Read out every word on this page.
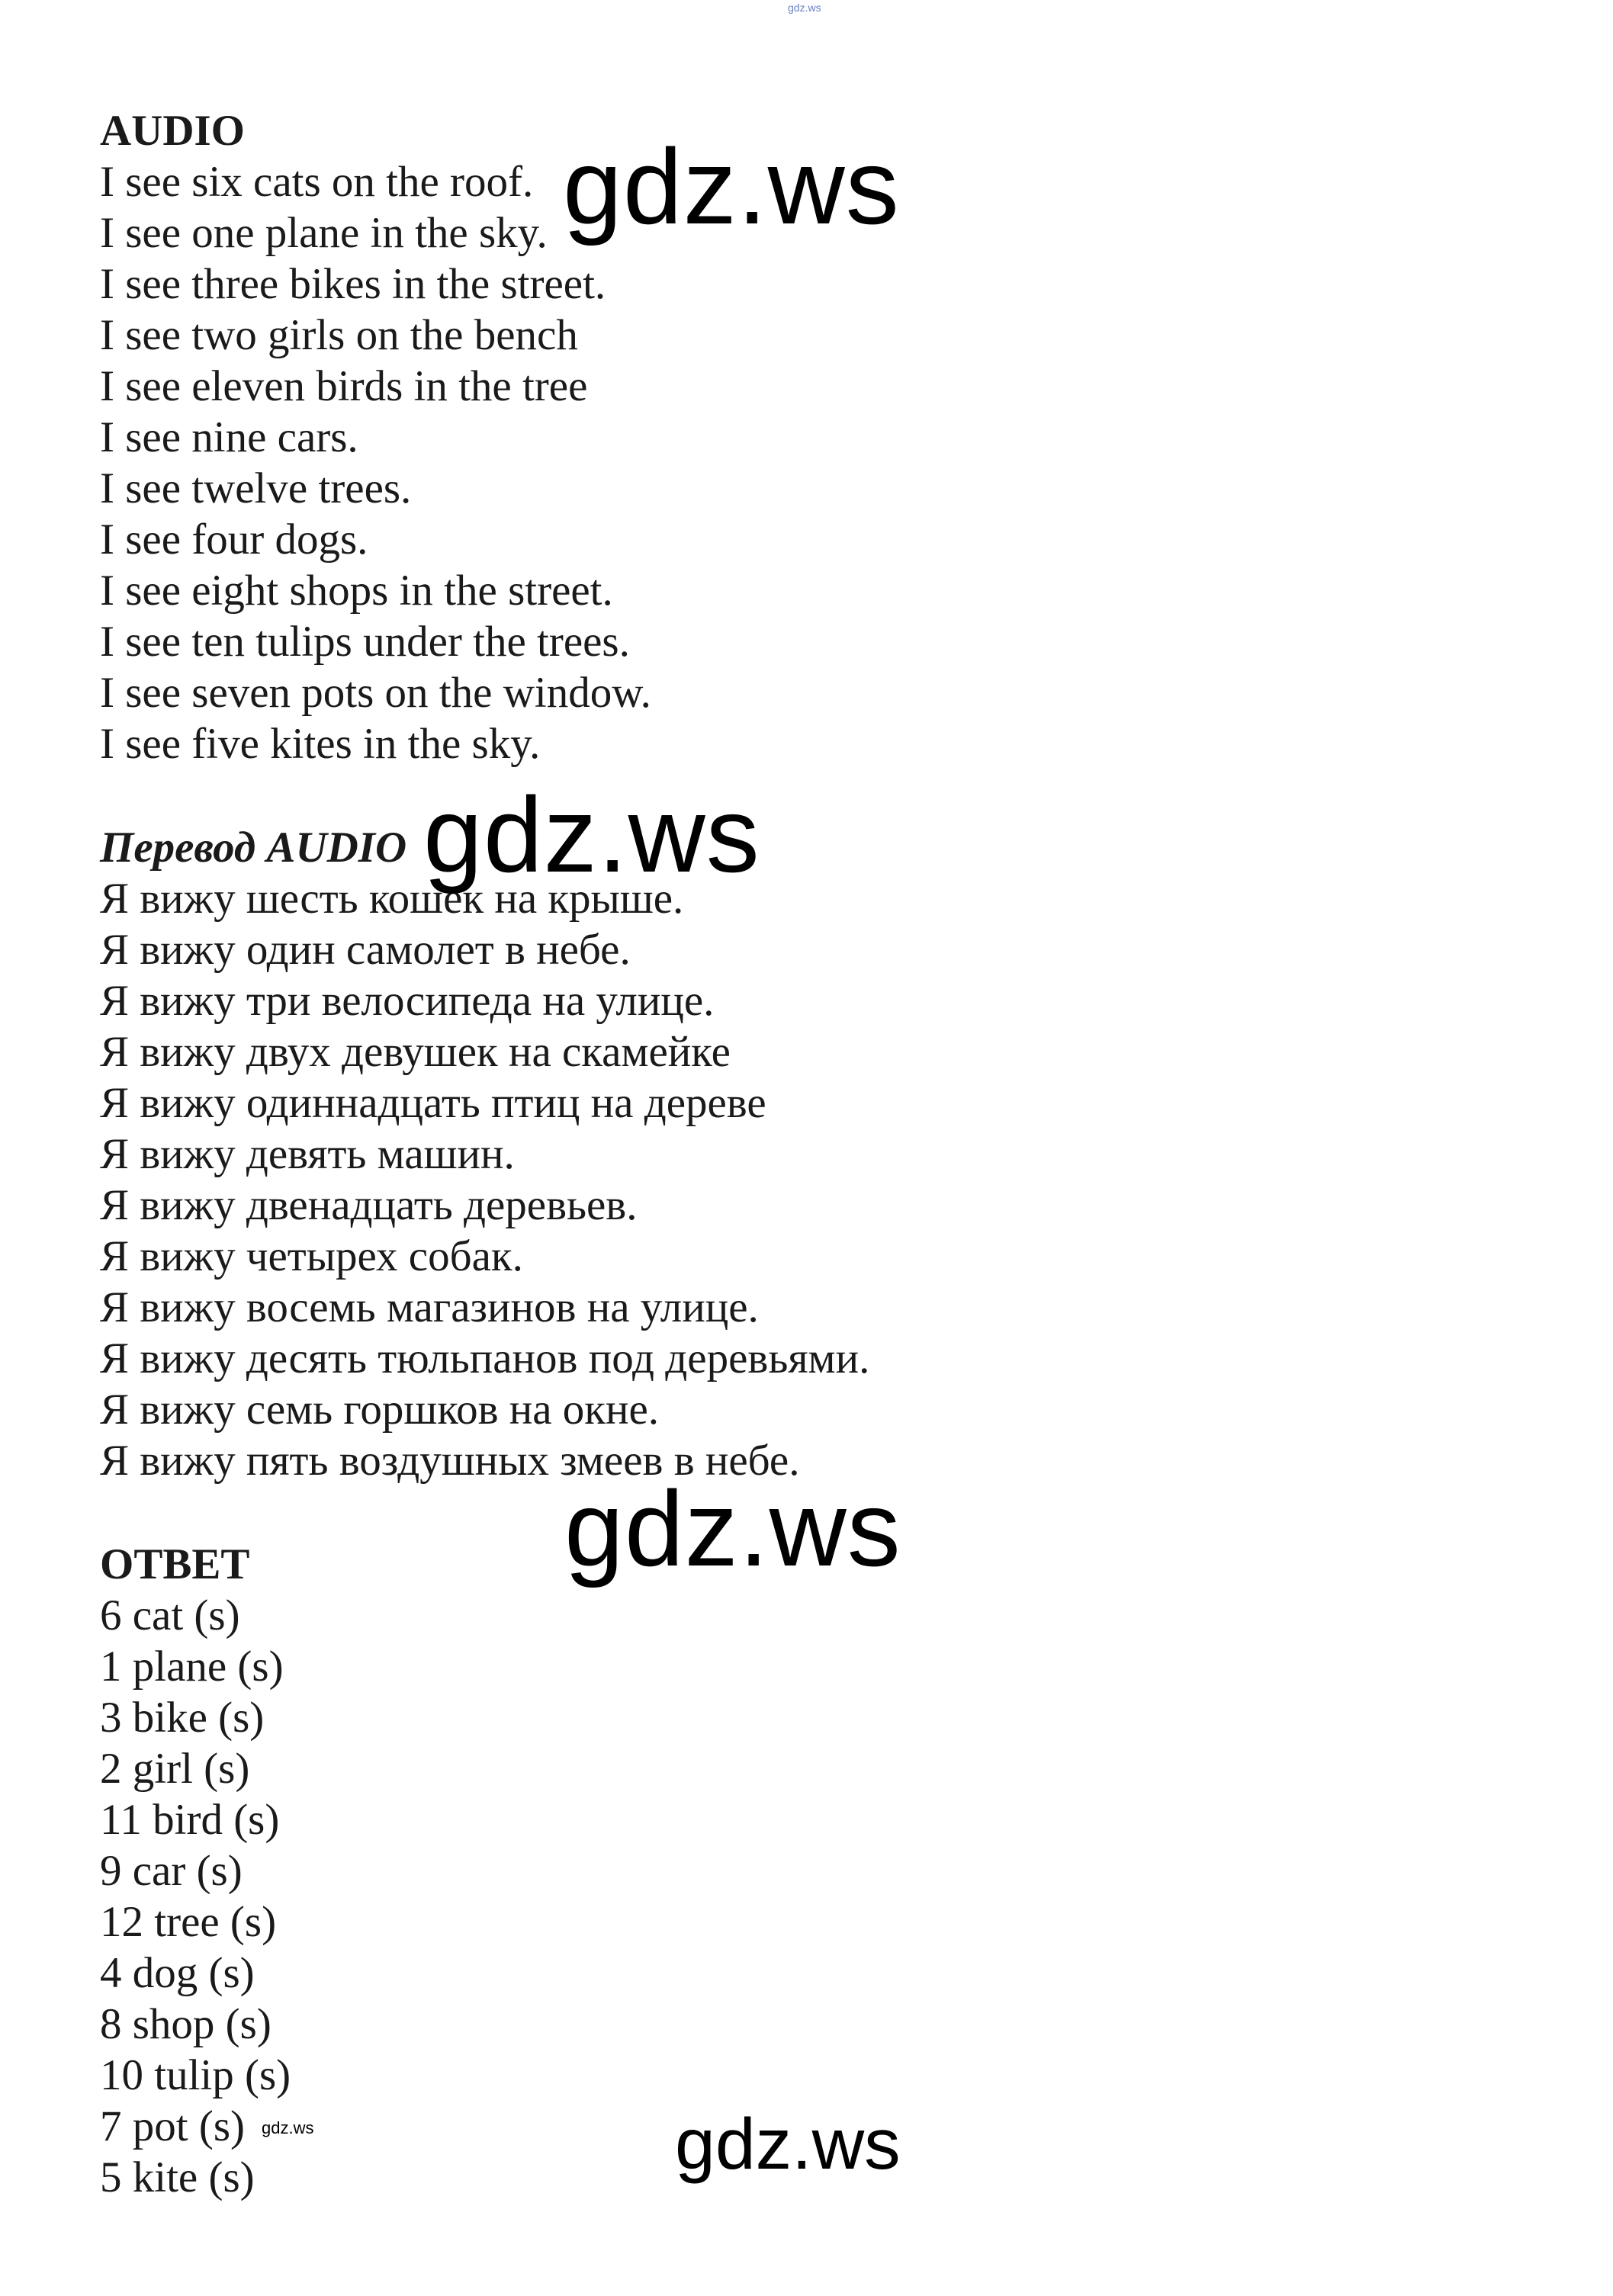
gdz.ws
AUDIO
I see six cats on the roof.
I see one plane in the sky.
I see three bikes in the street.
I see two girls on the bench
I see eleven birds in the tree
I see nine cars.
I see twelve trees.
I see four dogs.
I see eight shops in the street.
I see ten tulips under the trees.
I see seven pots on the window.
I see five kites in the sky.
Перевод AUDIO
Я вижу шесть кошек на крыше.
Я вижу один самолет в небе.
Я вижу три велосипеда на улице.
Я вижу двух девушек на скамейке
Я вижу одиннадцать птиц на дереве
Я вижу девять машин.
Я вижу двенадцать деревьев.
Я вижу четырех собак.
Я вижу восемь магазинов на улице.
Я вижу десять тюльпанов под деревьями.
Я вижу семь горшков на окне.
Я вижу пять воздушных змеев в небе.
ОТВЕТ
6 cat (s)
1 plane (s)
3 bike (s)
2 girl (s)
11 bird (s)
9 car (s)
12 tree (s)
4 dog (s)
8 shop (s)
10 tulip (s)
7 pot (s)
5 kite (s)
gdz.ws
gdz.ws
gdz.ws
gdz.ws
gdz.ws
